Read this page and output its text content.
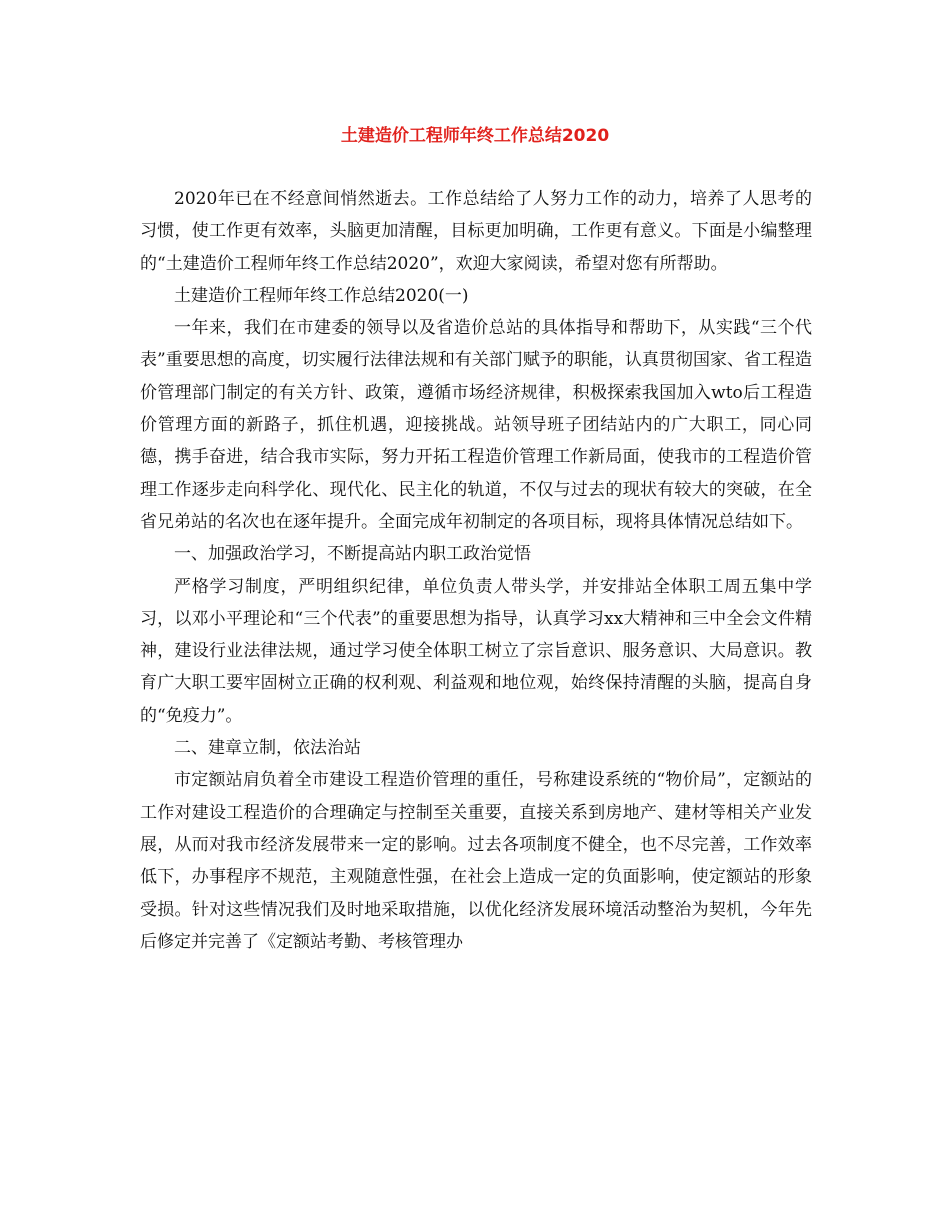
土建造价工程师年终工作总结2020

2020年已在不经意间悄然逝去。工作总结给了人努力工作的动力，培养了人思考的习惯，使工作更有效率，头脑更加清醒，目标更加明确，工作更有意义。下面是小编整理的“土建造价工程师年终工作总结2020”，欢迎大家阅读，希望对您有所帮助。

土建造价工程师年终工作总结2020(一)

一年来，我们在市建委的领导以及省造价总站的具体指导和帮助下，从实践“三个代表”重要思想的高度，切实履行法律法规和有关部门赋予的职能，认真贯彻国家、省工程造价管理部门制定的有关方针、政策，遵循市场经济规律，积极探索我国加入wto后工程造价管理方面的新路子，抓住机遇，迎接挑战。站领导班子团结站内的广大职工，同心同德，携手奋进，结合我市实际，努力开拓工程造价管理工作新局面，使我市的工程造价管理工作逐步走向科学化、现代化、民主化的轨道，不仅与过去的现状有较大的突破，在全省兄弟站的名次也在逐年提升。全面完成年初制定的各项目标，现将具体情况总结如下。

一、加强政治学习，不断提高站内职工政治觉悟

严格学习制度，严明组织纪律，单位负责人带头学，并安排站全体职工周五集中学习，以邓小平理论和“三个代表”的重要思想为指导，认真学习xx大精神和三中全会文件精神，建设行业法律法规，通过学习使全体职工树立了宗旨意识、服务意识、大局意识。教育广大职工要牢固树立正确的权利观、利益观和地位观，始终保持清醒的头脑，提高自身的“免疫力”。

二、建章立制，依法治站

市定额站肩负着全市建设工程造价管理的重任，号称建设系统的“物价局”，定额站的工作对建设工程造价的合理确定与控制至关重要，直接关系到房地产、建材等相关产业发展，从而对我市经济发展带来一定的影响。过去各项制度不健全，也不尽完善，工作效率低下，办事程序不规范，主观随意性强，在社会上造成一定的负面影响，使定额站的形象受损。针对这些情况我们及时地采取措施，以优化经济发展环境活动整治为契机，今年先后修定并完善了《定额站考勤、考核管理办
